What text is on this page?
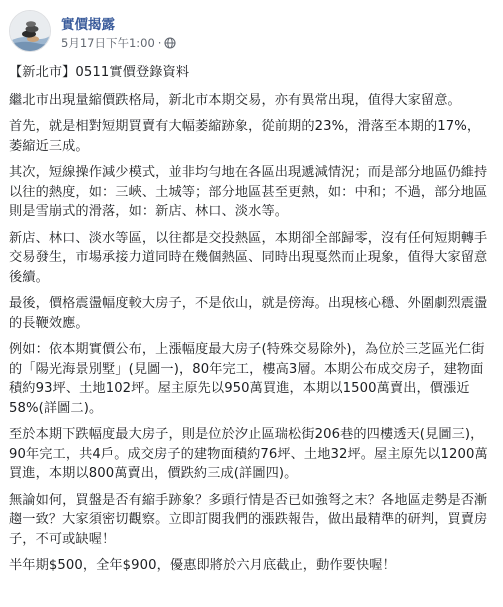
實價揭露
5月17日下午1:00 ·

【新北市】0511實價登錄資料

繼北市出現量縮價跌格局，新北市本期交易，亦有異常出現，值得大家留意。

首先，就是相對短期買賣有大幅萎縮跡象，從前期的23%，滑落至本期的17%，萎縮近三成。

其次，短線操作減少模式，並非均勻地在各區出現遞減情況；而是部分地區仍維持以往的熱度，如：三峽、土城等；部分地區甚至更熱，如：中和；不過，部分地區則是雪崩式的滑落，如：新店、林口、淡水等。

新店、林口、淡水等區，以往都是交投熱區，本期卻全部歸零，沒有任何短期轉手交易發生，市場承接力道同時在幾個熱區、同時出現戛然而止現象，值得大家留意後續。

最後，價格震盪幅度較大房子，不是依山，就是傍海。出現核心穩、外圍劇烈震盪的長鞭效應。

例如：依本期實價公布，上漲幅度最大房子(特殊交易除外)，為位於三芝區光仁街的「陽光海景別墅」(見圖一)，80年完工，樓高3層。本期公布成交房子，建物面積約93坪、土地102坪。屋主原先以950萬買進，本期以1500萬賣出，價漲近58%(詳圖二)。

至於本期下跌幅度最大房子，則是位於汐止區瑞松街206巷的四樓透天(見圖三)，90年完工，共4戶。成交房子的建物面積約76坪、土地32坪。屋主原先以1200萬買進，本期以800萬賣出，價跌約三成(詳圖四)。

無論如何，買盤是否有縮手跡象？多頭行情是否已如強弩之末？各地區走勢是否漸趨一致？大家須密切觀察。立即訂閱我們的漲跌報告，做出最精準的研判，買賣房子，不可或缺喔！

半年期$500，全年$900，優惠即將於六月底截止，動作要快喔！
